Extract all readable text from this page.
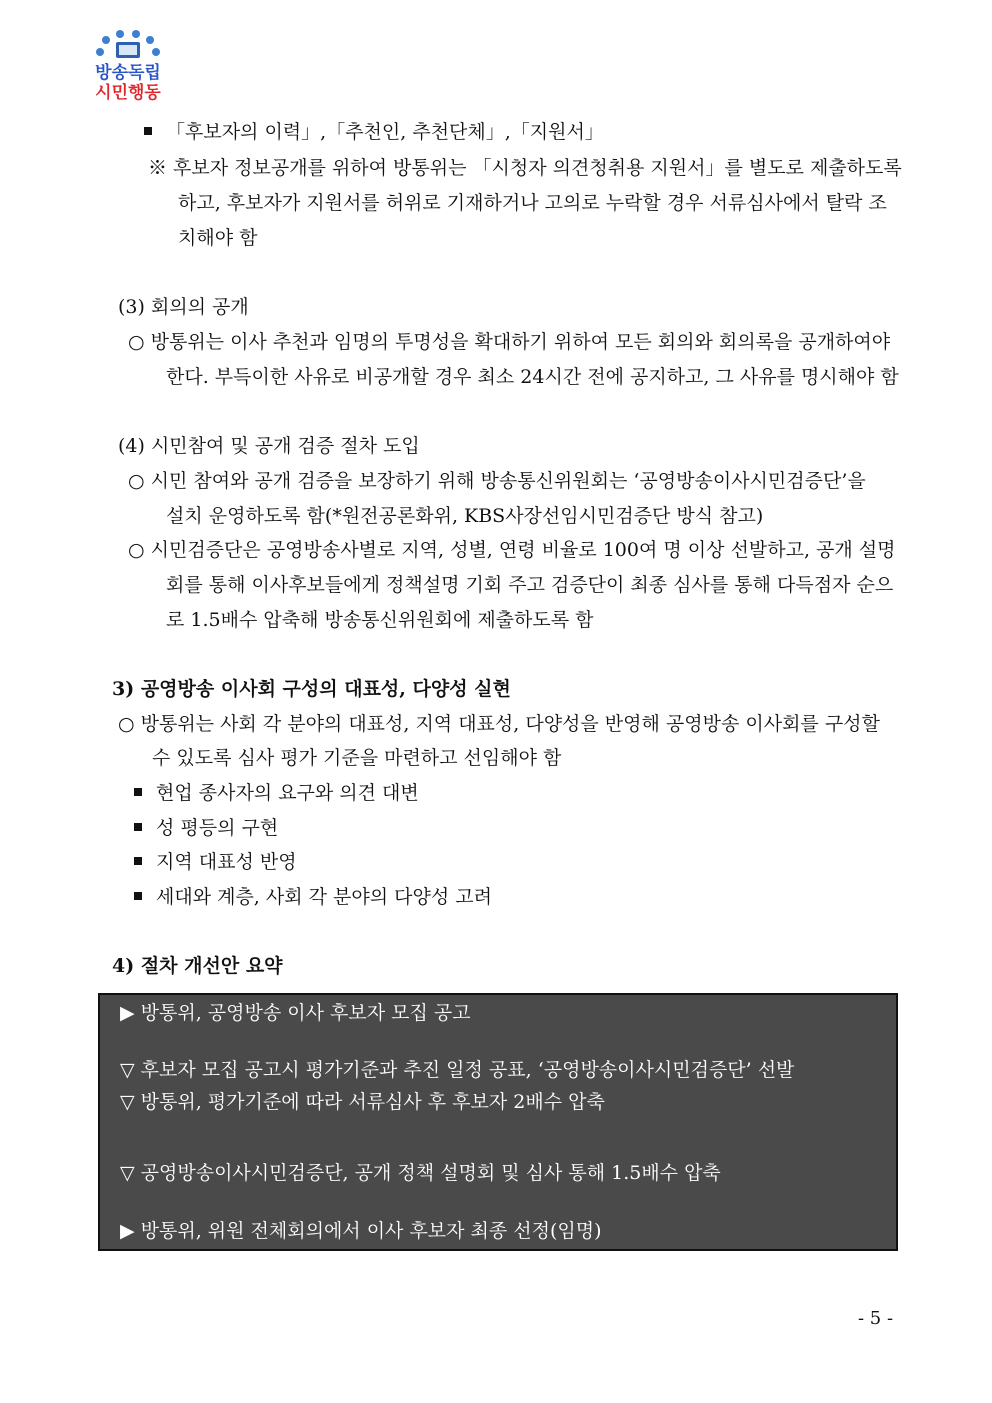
방송독립
시민행동
「후보자의 이력」,「추천인, 추천단체」,「지원서」
※ 후보자 정보공개를 위하여 방통위는 「시청자 의견청취용 지원서」를 별도로 제출하도록
하고, 후보자가 지원서를 허위로 기재하거나 고의로 누락할 경우 서류심사에서 탈락 조
치해야 함
(3) 회의의 공개
○ 방통위는 이사 추천과 임명의 투명성을 확대하기 위하여 모든 회의와 회의록을 공개하여야
한다. 부득이한 사유로 비공개할 경우 최소 24시간 전에 공지하고, 그 사유를 명시해야 함
(4) 시민참여 및 공개 검증 절차 도입
○ 시민 참여와 공개 검증을 보장하기 위해 방송통신위원회는 ‘공영방송이사시민검증단’을
설치 운영하도록 함(*원전공론화위, KBS사장선임시민검증단 방식 참고)
○ 시민검증단은 공영방송사별로 지역, 성별, 연령 비율로 100여 명 이상 선발하고, 공개 설명
회를 통해 이사후보들에게 정책설명 기회 주고 검증단이 최종 심사를 통해 다득점자 순으
로 1.5배수 압축해 방송통신위원회에 제출하도록 함
3) 공영방송 이사회 구성의 대표성, 다양성 실현
○ 방통위는 사회 각 분야의 대표성, 지역 대표성, 다양성을 반영해 공영방송 이사회를 구성할
수 있도록 심사 평가 기준을 마련하고 선임해야 함
현업 종사자의 요구와 의견 대변
성 평등의 구현
지역 대표성 반영
세대와 계층, 사회 각 분야의 다양성 고려
4) 절차 개선안 요약
▶ 방통위, 공영방송 이사 후보자 모집 공고
▽ 후보자 모집 공고시 평가기준과 추진 일정 공표, ‘공영방송이사시민검증단’ 선발
▽ 방통위, 평가기준에 따라 서류심사 후 후보자 2배수 압축
▽ 공영방송이사시민검증단, 공개 정책 설명회 및 심사 통해 1.5배수 압축
▶ 방통위, 위원 전체회의에서 이사 후보자 최종 선정(임명)
- 5 -
